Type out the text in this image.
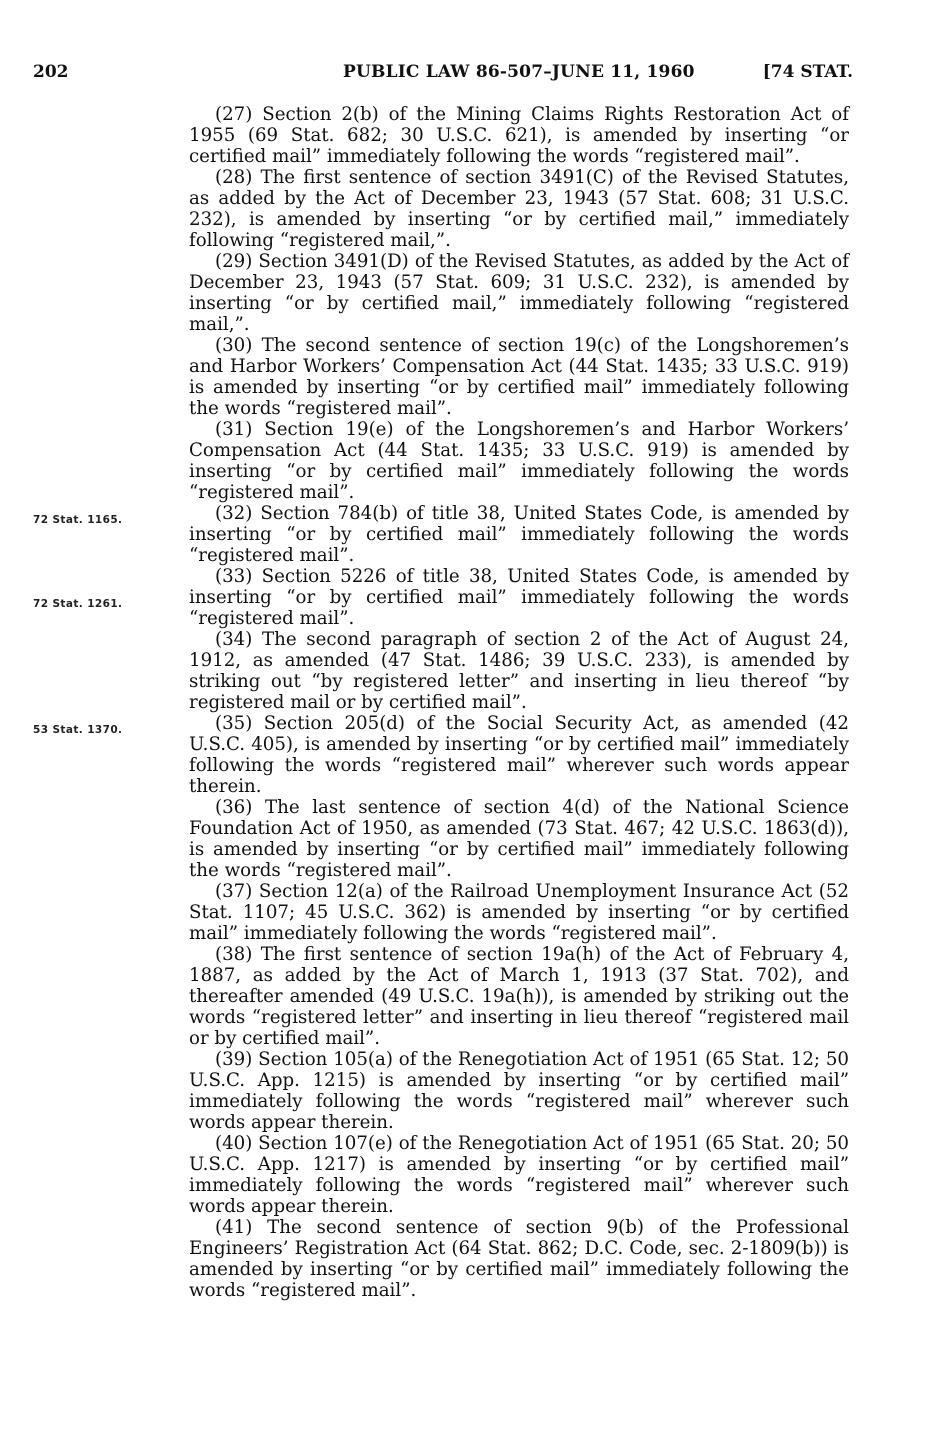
202	PUBLIC LAW 86-507–JUNE 11, 1960	[74 STAT.
72 Stat. 1165.
72 Stat. 1261.
53 Stat. 1370.

(27) Section 2(b) of the Mining Claims Rights Restoration Act of 1955 (69 Stat. 682; 30 U.S.C. 621), is amended by inserting “or certified mail” immediately following the words “registered mail”.

(28) The first sentence of section 3491(C) of the Revised Statutes, as added by the Act of December 23, 1943 (57 Stat. 608; 31 U.S.C. 232), is amended by inserting “or by certified mail,” immediately following “registered mail,”.

(29) Section 3491(D) of the Revised Statutes, as added by the Act of December 23, 1943 (57 Stat. 609; 31 U.S.C. 232), is amended by inserting “or by certified mail,” immediately following “registered mail,”.

(30) The second sentence of section 19(c) of the Longshoremen’s and Harbor Workers’ Compensation Act (44 Stat. 1435; 33 U.S.C. 919) is amended by inserting “or by certified mail” immediately following the words “registered mail”.

(31) Section 19(e) of the Longshoremen’s and Harbor Workers’ Compensation Act (44 Stat. 1435; 33 U.S.C. 919) is amended by inserting “or by certified mail” immediately following the words “registered mail”.

(32) Section 784(b) of title 38, United States Code, is amended by inserting “or by certified mail” immediately following the words “registered mail”.

(33) Section 5226 of title 38, United States Code, is amended by inserting “or by certified mail” immediately following the words “registered mail”.

(34) The second paragraph of section 2 of the Act of August 24, 1912, as amended (47 Stat. 1486; 39 U.S.C. 233), is amended by striking out “by registered letter” and inserting in lieu thereof “by registered mail or by certified mail”.

(35) Section 205(d) of the Social Security Act, as amended (42 U.S.C. 405), is amended by inserting “or by certified mail” immediately following the words “registered mail” wherever such words appear therein.

(36) The last sentence of section 4(d) of the National Science Foundation Act of 1950, as amended (73 Stat. 467; 42 U.S.C. 1863(d)), is amended by inserting “or by certified mail” immediately following the words “registered mail”.

(37) Section 12(a) of the Railroad Unemployment Insurance Act (52 Stat. 1107; 45 U.S.C. 362) is amended by inserting “or by certified mail” immediately following the words “registered mail”.

(38) The first sentence of section 19a(h) of the Act of February 4, 1887, as added by the Act of March 1, 1913 (37 Stat. 702), and thereafter amended (49 U.S.C. 19a(h)), is amended by striking out the words “registered letter” and inserting in lieu thereof “registered mail or by certified mail”.

(39) Section 105(a) of the Renegotiation Act of 1951 (65 Stat. 12; 50 U.S.C. App. 1215) is amended by inserting “or by certified mail” immediately following the words “registered mail” wherever such words appear therein.

(40) Section 107(e) of the Renegotiation Act of 1951 (65 Stat. 20; 50 U.S.C. App. 1217) is amended by inserting “or by certified mail” immediately following the words “registered mail” wherever such words appear therein.

(41) The second sentence of section 9(b) of the Professional Engineers’ Registration Act (64 Stat. 862; D.C. Code, sec. 2-1809(b)) is amended by inserting “or by certified mail” immediately following the words “registered mail”.
